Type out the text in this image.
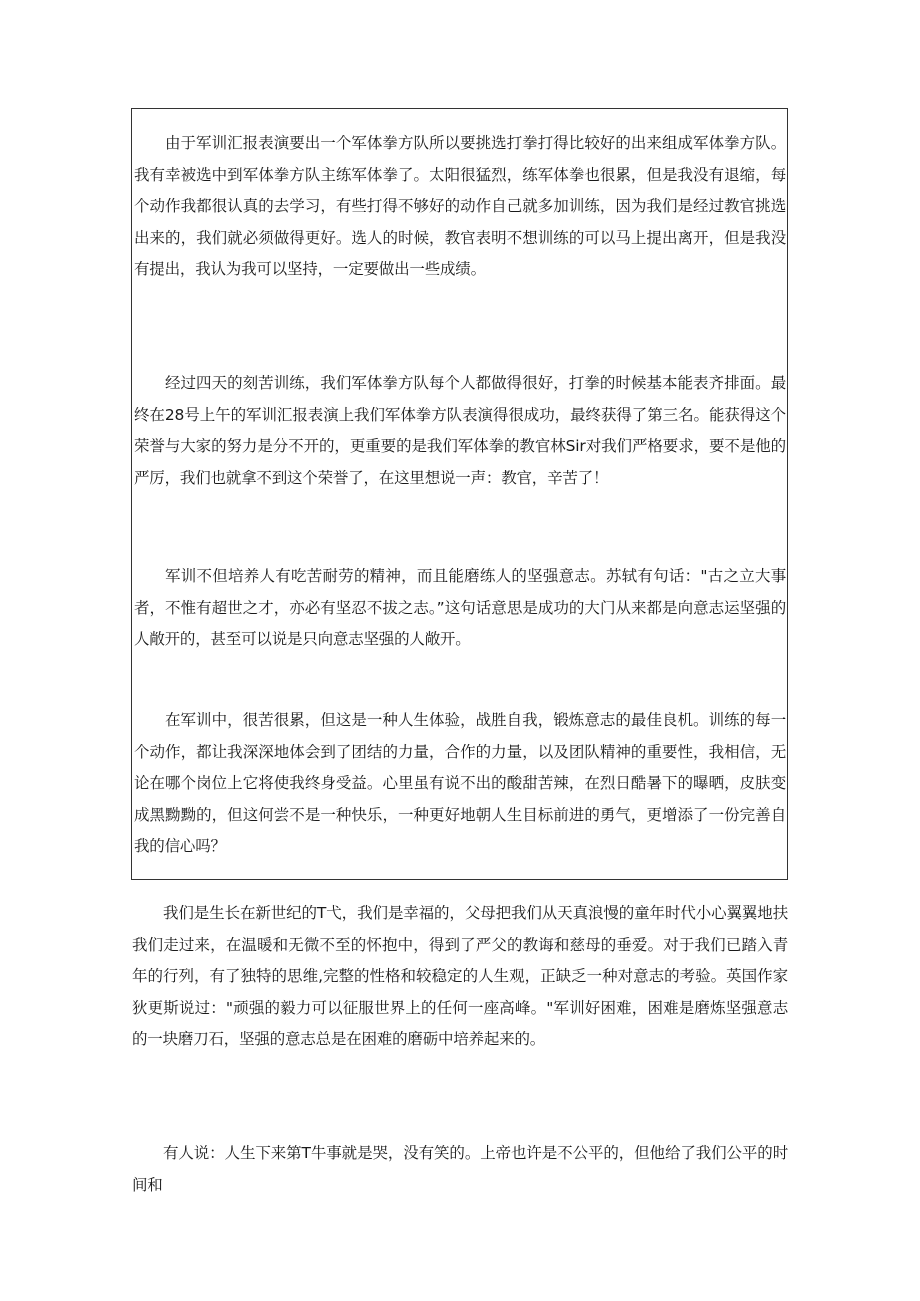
由于军训汇报表演要出一个军体拳方队所以要挑选打拳打得比较好的出来组成军体拳方队。我有幸被选中到军体拳方队主练军体拳了。太阳很猛烈，练军体拳也很累，但是我没有退缩，每个动作我都很认真的去学习，有些打得不够好的动作自己就多加训练，因为我们是经过教官挑选出来的，我们就必须做得更好。选人的时候，教官表明不想训练的可以马上提出离开，但是我没有提出，我认为我可以坚持，一定要做出一些成绩。

经过四天的刻苦训练，我们军体拳方队每个人都做得很好，打拳的时候基本能表齐排面。最终在28号上午的军训汇报表演上我们军体拳方队表演得很成功，最终获得了第三名。能获得这个荣誉与大家的努力是分不开的，更重要的是我们军体拳的教官林Sir对我们严格要求，要不是他的严厉，我们也就拿不到这个荣誉了，在这里想说一声：教官，辛苦了！

军训不但培养人有吃苦耐劳的精神，而且能磨练人的坚强意志。苏轼有句话："古之立大事者，不惟有超世之才，亦必有坚忍不拔之志。”这句话意思是成功的大门从来都是向意志运坚强的人敞开的，甚至可以说是只向意志坚强的人敞开。

在军训中，很苦很累，但这是一种人生体验，战胜自我，锻炼意志的最佳良机。训练的每一个动作，都让我深深地体会到了团结的力量，合作的力量，以及团队精神的重要性，我相信，无论在哪个岗位上它将使我终身受益。心里虽有说不出的酸甜苦辣，在烈日酷暑下的曝晒，皮肤变成黑黝黝的，但这何尝不是一种快乐，一种更好地朝人生目标前进的勇气，更增添了一份完善自我的信心吗？

我们是生长在新世纪的T弋，我们是幸福的，父母把我们从天真浪慢的童年时代小心翼翼地扶我们走过来，在温暖和无微不至的怀抱中，得到了严父的教诲和慈母的垂爱。对于我们已踏入青年的行列，有了独特的思维,完整的性格和较稳定的人生观，正缺乏一种对意志的考验。英国作家狄更斯说过："顽强的毅力可以征服世界上的任何一座高峰。"军训好困难，困难是磨炼坚强意志的一块磨刀石，坚强的意志总是在困难的磨砺中培养起来的。

有人说：人生下来第T牛事就是哭，没有笑的。上帝也许是不公平的，但他给了我们公平的时间和
